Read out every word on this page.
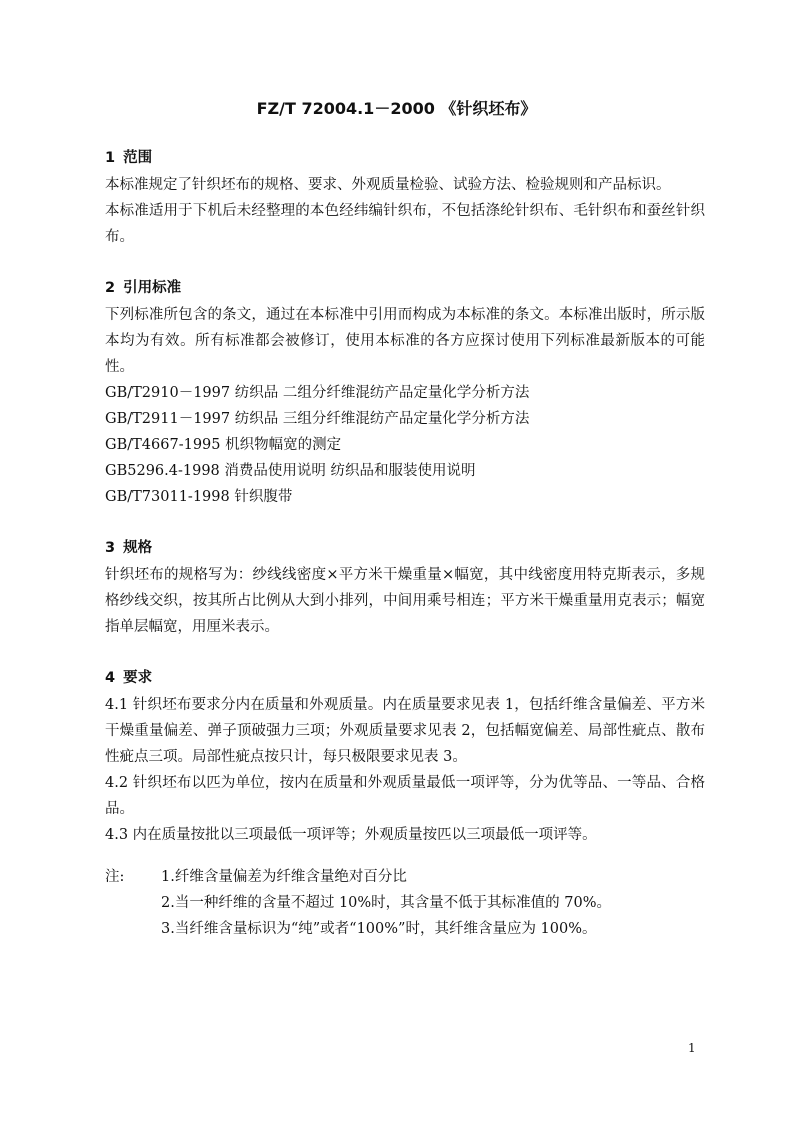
FZ/T 72004.1－2000 《针织坯布》
1 范围

本标准规定了针织坯布的规格、要求、外观质量检验、试验方法、检验规则和产品标识。

本标准适用于下机后未经整理的本色经纬编针织布，不包括涤纶针织布、毛针织布和蚕丝针织布。

2 引用标准

下列标准所包含的条文，通过在本标准中引用而构成为本标准的条文。本标准出版时，所示版本均为有效。所有标准都会被修订，使用本标准的各方应探讨使用下列标准最新版本的可能性。

GB/T2910－1997 纺织品 二组分纤维混纺产品定量化学分析方法

GB/T2911－1997 纺织品 三组分纤维混纺产品定量化学分析方法

GB/T4667-1995 机织物幅宽的测定

GB5296.4-1998 消费品使用说明 纺织品和服装使用说明

GB/T73011-1998 针织腹带

3 规格

针织坯布的规格写为：纱线线密度×平方米干燥重量×幅宽，其中线密度用特克斯表示，多规格纱线交织，按其所占比例从大到小排列，中间用乘号相连；平方米干燥重量用克表示；幅宽指单层幅宽，用厘米表示。

4 要求

4.1 针织坯布要求分内在质量和外观质量。内在质量要求见表 1，包括纤维含量偏差、平方米干燥重量偏差、弹子顶破强力三项；外观质量要求见表 2，包括幅宽偏差、局部性疵点、散布性疵点三项。局部性疵点按只计，每只极限要求见表 3。

4.2 针织坯布以匹为单位，按内在质量和外观质量最低一项评等，分为优等品、一等品、合格品。

4.3 内在质量按批以三项最低一项评等；外观质量按匹以三项最低一项评等。

注:	1.纤维含量偏差为纤维含量绝对百分比
2.当一种纤维的含量不超过 10%时，其含量不低于其标准值的 70%。
3.当纤维含量标识为“纯”或者“100%”时，其纤维含量应为 100%。
1
